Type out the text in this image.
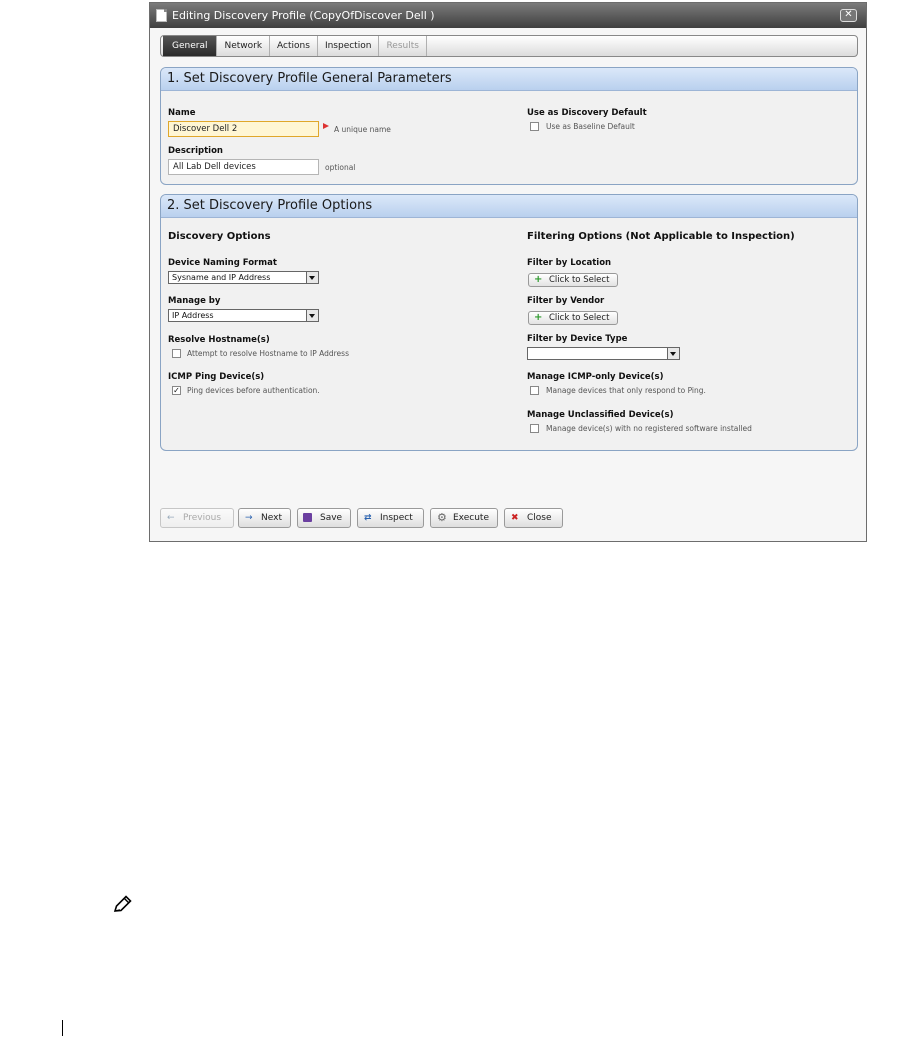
Editing Discovery Profile (CopyOfDiscover Dell )	✕
General	Network	Actions	Inspection	Results
1. Set Discovery Profile General Parameters
Name
Discover Dell 2
A unique name
Description
All Lab Dell devices
optional
Use as Discovery Default
Use as Baseline Default
2. Set Discovery Profile Options
Discovery Options
Device Naming Format
Sysname and IP Address
Manage by
IP Address
Resolve Hostname(s)
Attempt to resolve Hostname to IP Address
ICMP Ping Device(s)
✓ Ping devices before authentication.
Filtering Options (Not Applicable to Inspection)
Filter by Location
+ Click to Select
Filter by Vendor
+ Click to Select
Filter by Device Type
Manage ICMP-only Device(s)
Manage devices that only respond to Ping.
Manage Unclassified Device(s)
Manage device(s) with no registered software installed
← Previous	→ Next	Save ⇄ Inspect ⚙ Execute ✖ Close
